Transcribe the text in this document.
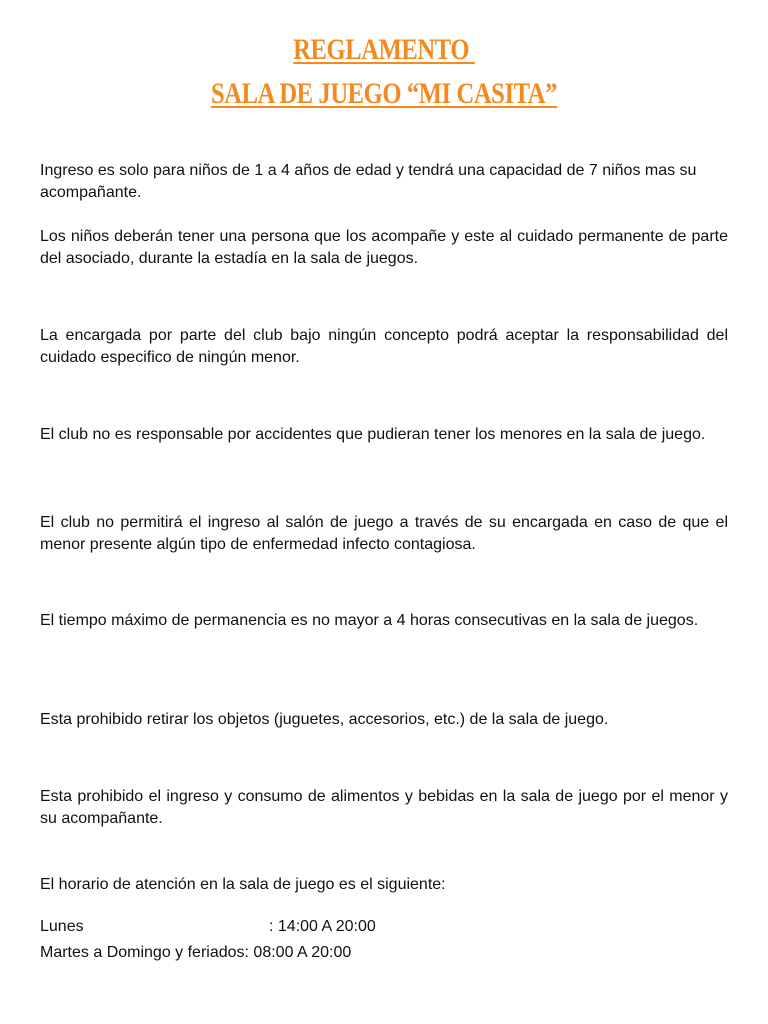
REGLAMENTO
SALA DE JUEGO “MI CASITA”

Ingreso es solo para niños de 1 a 4 años de edad y tendrá una capacidad de 7 niños mas su acompañante.

Los niños deberán tener una persona que los acompañe y este al cuidado permanente de parte del asociado, durante la estadía en la sala de juegos.

La encargada por parte del club bajo ningún concepto podrá aceptar la responsabilidad del cuidado especifico de ningún menor.

El club no es responsable por accidentes que pudieran tener los menores en la sala de juego.

El club no permitirá el ingreso al salón de juego a través de su encargada en caso de que el menor presente algún tipo de enfermedad infecto contagiosa.

El tiempo máximo de permanencia es no mayor a 4 horas consecutivas en la sala de juegos.

Esta prohibido retirar los objetos (juguetes, accesorios, etc.) de la sala de juego.

Esta prohibido el ingreso y consumo de alimentos y bebidas en la sala de juego por el menor y su acompañante.

El horario de atención en la sala de juego es el siguiente:

Lunes	: 14:00 A 20:00
Martes a Domingo y feriados: 08:00 A 20:00
